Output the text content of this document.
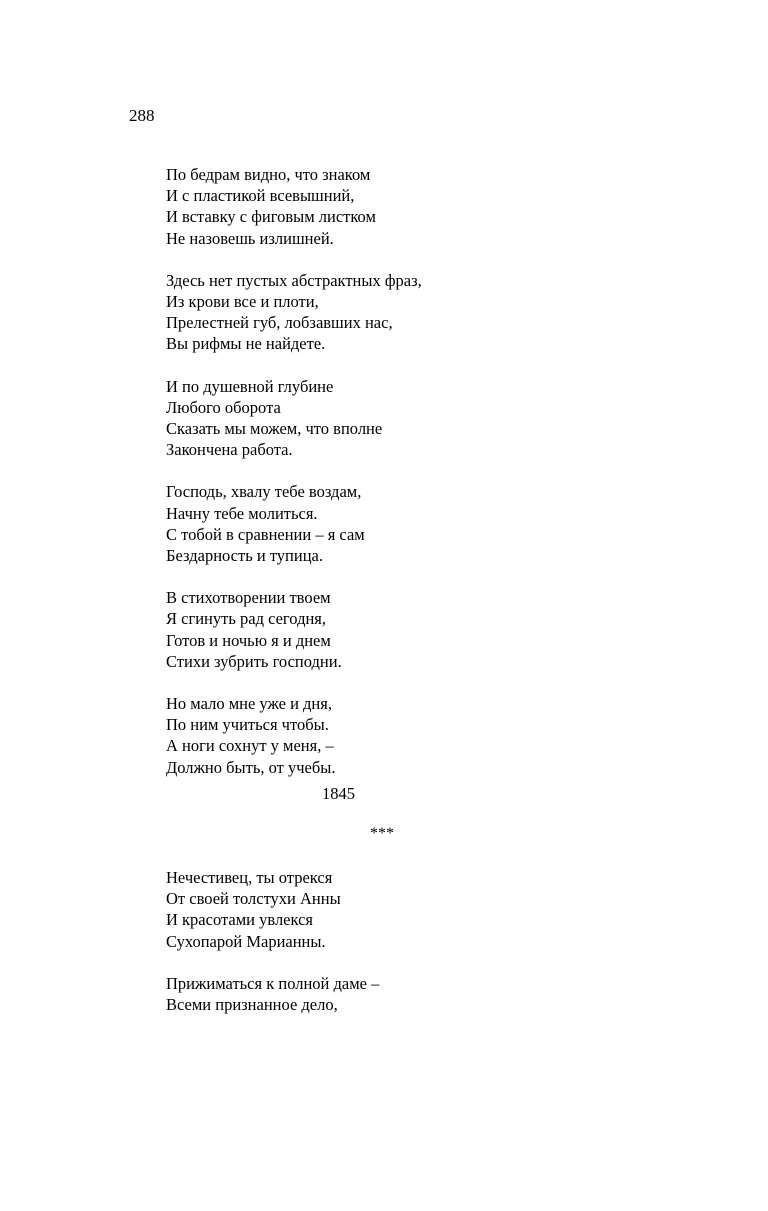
288
По бедрам видно, что знаком
И с пластикой всевышний,
И вставку с фиговым листком
Не назовешь излишней.
Здесь нет пустых абстрактных фраз,
Из крови все и плоти,
Прелестней губ, лобзавших нас,
Вы рифмы не найдете.
И по душевной глубине
Любого оборота
Сказать мы можем, что вполне
Закончена работа.
Господь, хвалу тебе воздам,
Начну тебе молиться.
С тобой в сравнении – я сам
Бездарность и тупица.
В стихотворении твоем
Я сгинуть рад сегодня,
Готов и ночью я и днем
Стихи зубрить господни.
Но мало мне уже и дня,
По ним учиться чтобы.
А ноги сохнут у меня, –
Должно быть, от учебы.
1845
***
Нечестивец, ты отрекся
От своей толстухи Анны
И красотами увлекся
Сухопарой Марианны.
Прижиматься к полной даме –
Всеми признанное дело,
